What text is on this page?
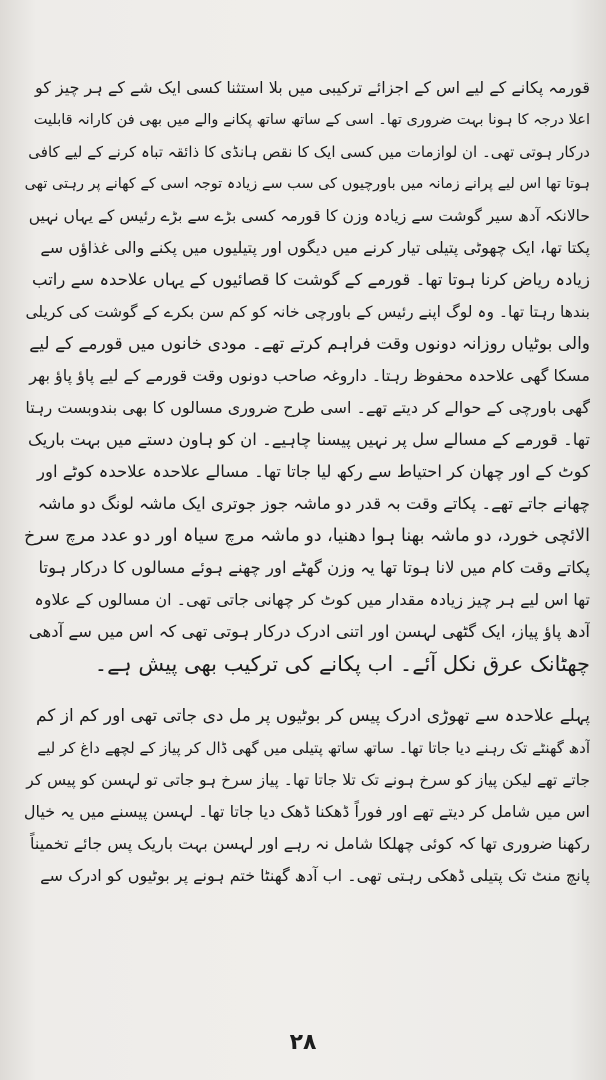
قورمہ پکانے کے لیے اس کے اجزائے ترکیبی میں بلا استثنا کسی ایک شے کے ہر چیز کو
اعلا درجہ کا ہونا بہت ضروری تھا۔ اسی کے ساتھ ساتھ پکانے والے میں بھی فن کارانہ قابلیت
درکار ہوتی تھی۔ ان لوازمات میں کسی ایک کا نقص ہانڈی کا ذائقہ تباہ کرنے کے لیے کافی
ہوتا تھا اس لیے پرانے زمانہ میں باورچیوں کی سب سے زیادہ توجہ اسی کے کھانے پر رہتی تھی
حالانکہ آدھ سیر گوشت سے زیادہ وزن کا قورمہ کسی بڑے سے بڑے رئیس کے یہاں نہیں
پکتا تھا، ایک چھوٹی پتیلی تیار کرنے میں دیگوں اور پتیلیوں میں پکنے والی غذاؤں سے
زیادہ ریاض کرنا ہوتا تھا۔ قورمے کے گوشت کا قصائیوں کے یہاں علاحدہ سے راتب
بندھا رہتا تھا۔ وہ لوگ اپنے رئیس کے باورچی خانہ کو کم سن بکرے کے گوشت کی کریلی
والی بوٹیاں روزانہ دونوں وقت فراہم کرتے تھے۔ مودی خانوں میں قورمے کے لیے
مسکا گھی علاحدہ محفوظ رہتا۔ داروغہ صاحب دونوں وقت قورمے کے لیے پاؤ پاؤ بھر
گھی باورچی کے حوالے کر دیتے تھے۔ اسی طرح ضروری مسالوں کا بھی بندوبست رہتا
تھا۔ قورمے کے مسالے سل پر نہیں پیسنا چاہیے۔ ان کو ہاون دستے میں بہت باریک
کوٹ کے اور چھان کر احتیاط سے رکھ لیا جاتا تھا۔ مسالے علاحدہ علاحدہ کوٹے اور
چھانے جاتے تھے۔ پکاتے وقت بہ قدر دو ماشہ جوز جوتری ایک ماشہ لونگ دو ماشہ
الائچی خورد، دو ماشہ بھنا ہوا دھنیا، دو ماشہ مرچ سیاہ اور دو عدد مرچ سرخ
پکاتے وقت کام میں لانا ہوتا تھا یہ وزن گھٹے اور چھنے ہوئے مسالوں کا درکار ہوتا
تھا اس لیے ہر چیز زیادہ مقدار میں کوٹ کر چھانی جاتی تھی۔ ان مسالوں کے علاوہ
آدھ پاؤ پیاز، ایک گٹھی لہسن اور اتنی ادرک درکار ہوتی تھی کہ اس میں سے آدھی
چھٹانک عرق نکل آئے۔ اب پکانے کی ترکیب بھی پیش ہے۔
پہلے علاحدہ سے تھوڑی ادرک پیس کر بوٹیوں پر مل دی جاتی تھی اور کم از کم
آدھ گھنٹے تک رہنے دیا جاتا تھا۔ ساتھ ساتھ پتیلی میں گھی ڈال کر پیاز کے لچھے داغ کر لیے
جاتے تھے لیکن پیاز کو سرخ ہونے تک تلا جاتا تھا۔ پیاز سرخ ہو جاتی تو لہسن کو پیس کر
اس میں شامل کر دیتے تھے اور فوراً ڈھکنا ڈھک دیا جاتا تھا۔ لہسن پیسنے میں یہ خیال
رکھنا ضروری تھا کہ کوئی چھلکا شامل نہ رہے اور لہسن بہت باریک پس جائے تخمیناً
پانچ منٹ تک پتیلی ڈھکی رہتی تھی۔ اب آدھ گھنٹا ختم ہونے پر بوٹیوں کو ادرک سے
۲۸
